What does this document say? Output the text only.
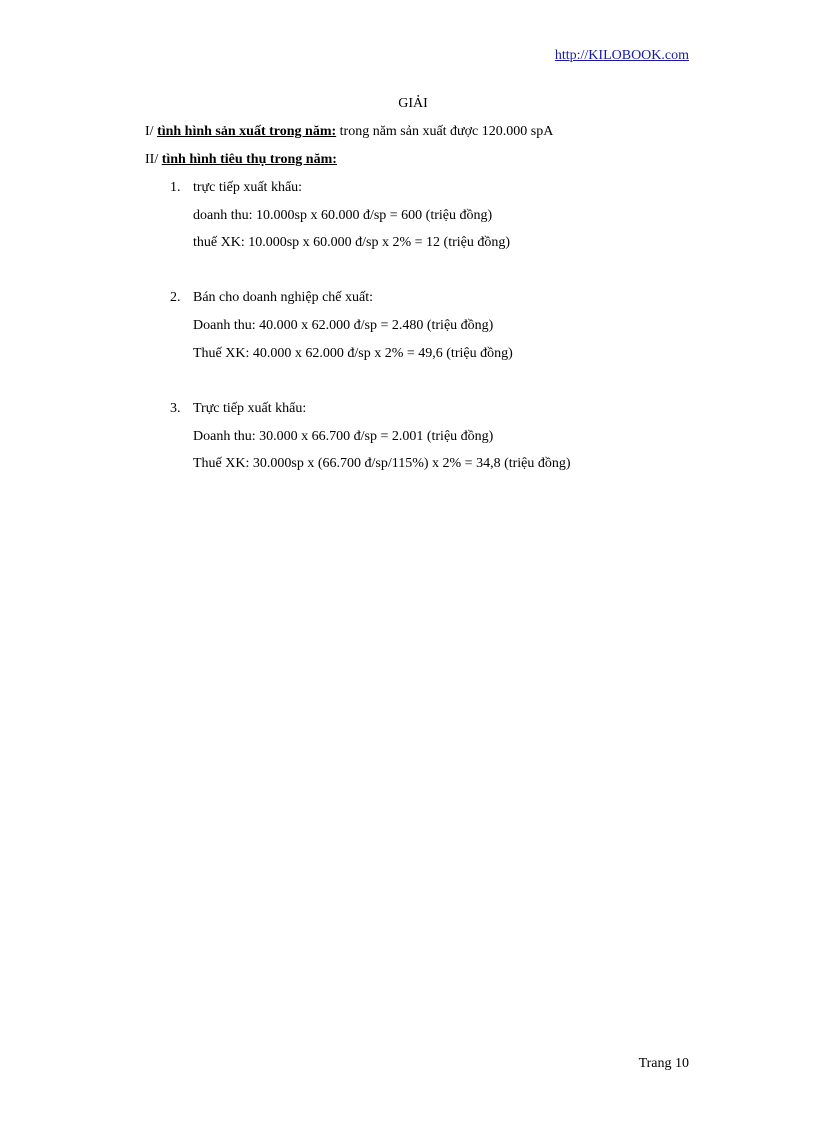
http://KILOBOOK.com
GIẢI
I/ tình hình sản xuất trong năm: trong năm sản xuất được 120.000 spA
II/ tình hình tiêu thụ trong năm:
1. trực tiếp xuất khẩu:
doanh thu: 10.000sp x 60.000 đ/sp = 600 (triệu đồng)
thuế XK: 10.000sp x 60.000 đ/sp x 2% = 12 (triệu đồng)
2. Bán cho doanh nghiệp chế xuất:
Doanh thu: 40.000 x 62.000 đ/sp = 2.480 (triệu đồng)
Thuế XK: 40.000 x 62.000 đ/sp x 2% = 49,6 (triệu đồng)
3. Trực tiếp xuất khẩu:
Doanh thu: 30.000 x 66.700 đ/sp = 2.001 (triệu đồng)
Thuế XK: 30.000sp x (66.700 đ/sp/115%) x 2% = 34,8 (triệu đồng)
Trang 10
